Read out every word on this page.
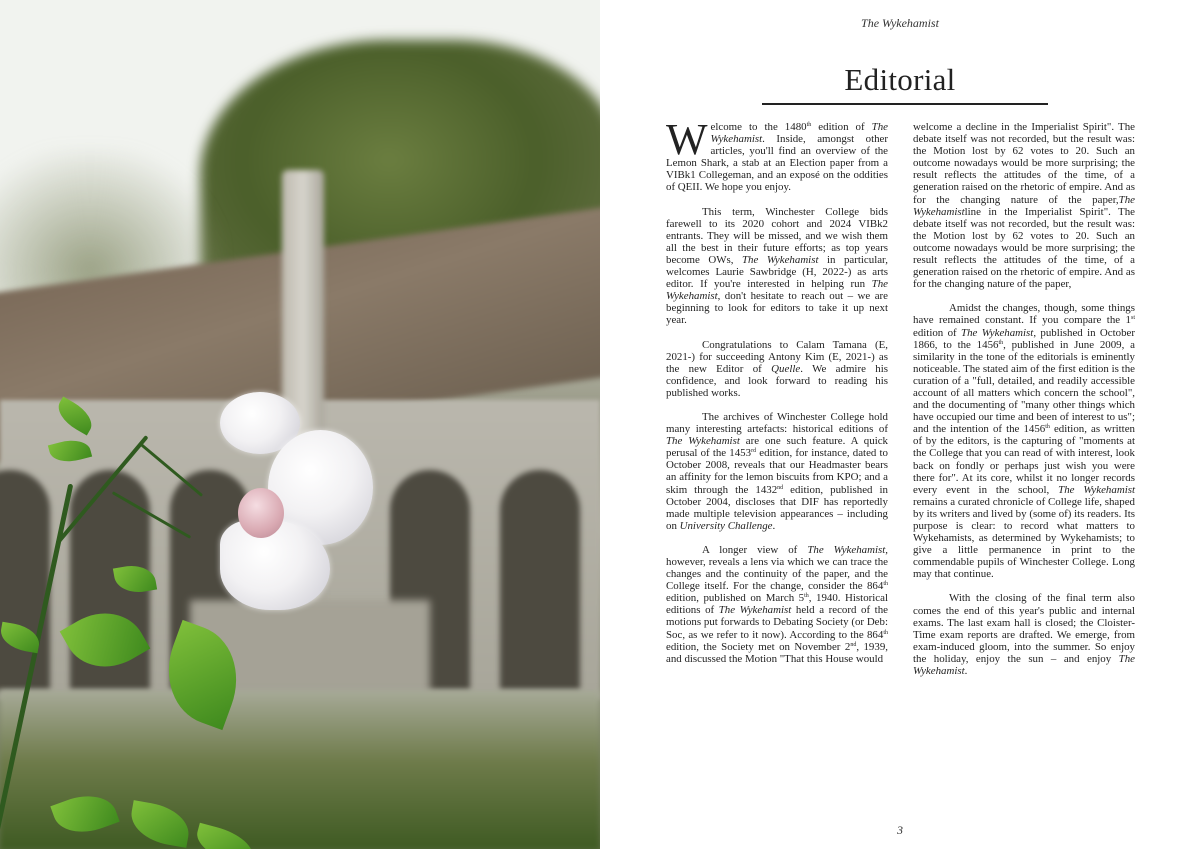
The Wykehamist
Editorial

Welcome to the 1480th edition of The Wykehamist. Inside, amongst other articles, you'll find an overview of the Lemon Shark, a stab at an Election paper from a VIBk1 Collegeman, and an exposé on the oddities of QEII. We hope you enjoy.

This term, Winchester College bids farewell to its 2020 cohort and 2024 VIBk2 entrants. They will be missed, and we wish them all the best in their future efforts; as top years become OWs, The Wykehamist in particular, welcomes Laurie Sawbridge (H, 2022-) as arts editor. If you're interested in helping run The Wykehamist, don't hesitate to reach out – we are beginning to look for editors to take it up next year.

Congratulations to Calam Tamana (E, 2021-) for succeeding Antony Kim (E, 2021-) as the new Editor of Quelle. We admire his confidence, and look forward to reading his published works.

The archives of Winchester College hold many interesting artefacts: historical editions of The Wykehamist are one such feature. A quick perusal of the 1453rd edition, for instance, dated to October 2008, reveals that our Headmaster bears an affinity for the lemon biscuits from KPO; and a skim through the 1432nd edition, published in October 2004, discloses that DIF has reportedly made multiple television appearances – including on University Challenge.

A longer view of The Wykehamist, however, reveals a lens via which we can trace the changes and the continuity of the paper, and the College itself. For the change, consider the 864th edition, published on March 5th, 1940. Historical editions of The Wykehamist held a record of the motions put forwards to Debating Society (or Deb: Soc, as we refer to it now). According to the 864th edition, the Society met on November 2nd, 1939, and discussed the Motion "That this House would

welcome a decline in the Imperialist Spirit". The debate itself was not recorded, but the result was: the Motion lost by 62 votes to 20. Such an outcome nowadays would be more surprising; the result reflects the attitudes of the time, of a generation raised on the rhetoric of empire. And as for the changing nature of the paper,The Wykehamistline in the Imperialist Spirit". The debate itself was not recorded, but the result was: the Motion lost by 62 votes to 20. Such an outcome nowadays would be more surprising; the result reflects the attitudes of the time, of a generation raised on the rhetoric of empire. And as for the changing nature of the paper,

Amidst the changes, though, some things have remained constant. If you compare the 1st edition of The Wykehamist, published in October 1866, to the 1456th, published in June 2009, a similarity in the tone of the editorials is eminently noticeable. The stated aim of the first edition is the curation of a "full, detailed, and readily accessible account of all matters which concern the school", and the documenting of "many other things which have occupied our time and been of interest to us"; and the intention of the 1456th edition, as written of by the editors, is the capturing of "moments at the College that you can read of with interest, look back on fondly or perhaps just wish you were there for". At its core, whilst it no longer records every event in the school, The Wykehamist remains a curated chronicle of College life, shaped by its writers and lived by (some of) its readers. Its purpose is clear: to record what matters to Wykehamists, as determined by Wykehamists; to give a little permanence in print to the commendable pupils of Winchester College. Long may that continue.

With the closing of the final term also comes the end of this year's public and internal exams. The last exam hall is closed; the Cloister-Time exam reports are drafted. We emerge, from exam-induced gloom, into the summer. So enjoy the holiday, enjoy the sun – and enjoy The Wykehamist.

3
